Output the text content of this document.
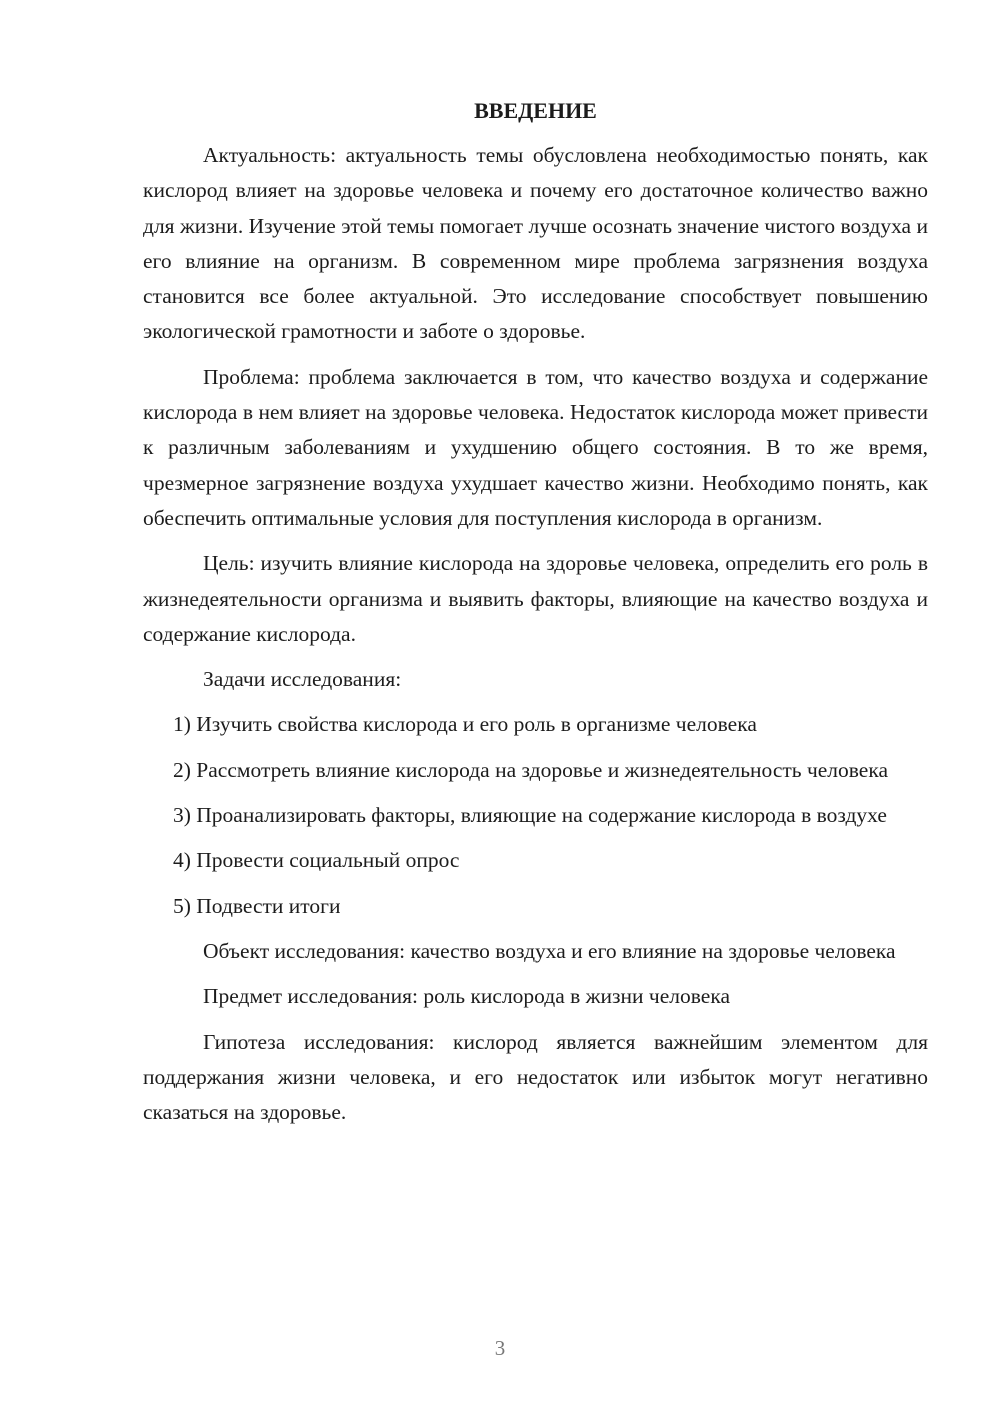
ВВЕДЕНИЕ

Актуальность: актуальность темы обусловлена необходимостью понять, как кислород влияет на здоровье человека и почему его достаточное количество важно для жизни. Изучение этой темы помогает лучше осознать значение чистого воздуха и его влияние на организм. В современном мире проблема загрязнения воздуха становится все более актуальной. Это исследование способствует повышению экологической грамотности и заботе о здоровье.

Проблема: проблема заключается в том, что качество воздуха и содержание кислорода в нем влияет на здоровье человека. Недостаток кислорода может привести к различным заболеваниям и ухудшению общего состояния. В то же время, чрезмерное загрязнение воздуха ухудшает качество жизни. Необходимо понять, как обеспечить оптимальные условия для поступления кислорода в организм.

Цель: изучить влияние кислорода на здоровье человека, определить его роль в жизнедеятельности организма и выявить факторы, влияющие на качество воздуха и содержание кислорода.

Задачи исследования:

1) Изучить свойства кислорода и его роль в организме человека

2) Рассмотреть влияние кислорода на здоровье и жизнедеятельность человека

3) Проанализировать факторы, влияющие на содержание кислорода в воздухе

4) Провести социальный опрос

5) Подвести итоги

Объект исследования: качество воздуха и его влияние на здоровье человека

Предмет исследования: роль кислорода в жизни человека

Гипотеза исследования: кислород является важнейшим элементом для поддержания жизни человека, и его недостаток или избыток могут негативно сказаться на здоровье.

3
